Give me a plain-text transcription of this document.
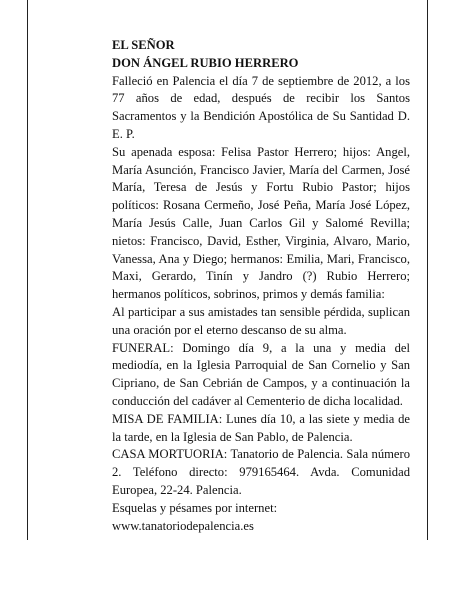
EL SEÑOR

DON ÁNGEL RUBIO HERRERO

Falleció en Palencia el día 7 de septiembre de 2012, a los 77 años de edad, después de recibir los Santos Sacramentos y la Bendición Apostólica de Su Santidad D. E. P.

Su apenada esposa: Felisa Pastor Herrero; hijos: Angel, María Asunción, Francisco Javier, María del Carmen, José María, Teresa de Jesús y Fortu Rubio Pastor; hijos políticos: Rosana Cermeño, José Peña, María José López, María Jesús Calle, Juan Carlos Gil y Salomé Revilla; nietos: Francisco, David, Esther, Virginia, Alvaro, Mario, Vanessa, Ana y Diego; hermanos: Emilia, Mari, Francisco, Maxi, Gerardo, Tinín y Jandro (?) Rubio Herrero; hermanos políticos, sobrinos, primos y demás familia:

Al participar a sus amistades tan sensible pérdida, suplican una oración por el eterno descanso de su alma.

FUNERAL: Domingo día 9, a la una y media del mediodía, en la Iglesia Parroquial de San Cornelio y San Cipriano, de San Cebrián de Campos, y a continuación la conducción del cadáver al Cementerio de dicha localidad.

MISA DE FAMILIA: Lunes día 10, a las siete y media de la tarde, en la Iglesia de San Pablo, de Palencia.

CASA MORTUORIA: Tanatorio de Palencia. Sala número 2. Teléfono directo: 979165464. Avda. Comunidad Europea, 22-24. Palencia.

Esquelas y pésames por internet:

www.tanatoriodepalencia.es
